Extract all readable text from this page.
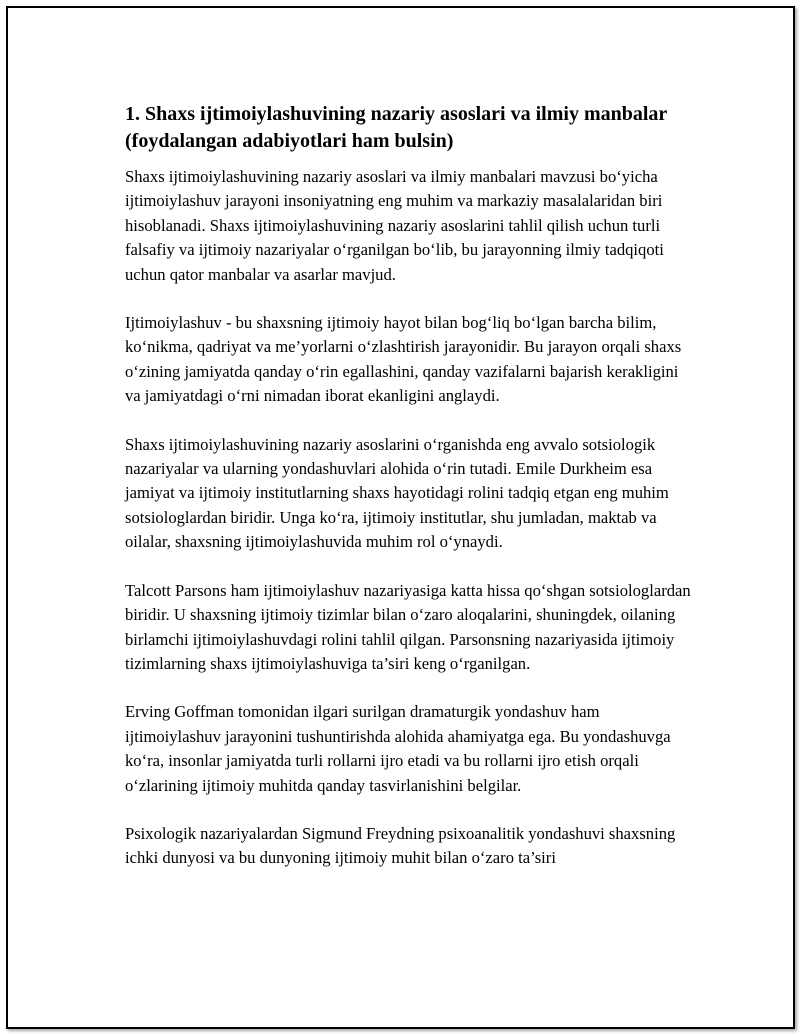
1. Shaxs ijtimoiylashuvining nazariy asoslari va ilmiy manbalar (foydalangan adabiyotlari ham bulsin)

Shaxs ijtimoiylashuvining nazariy asoslari va ilmiy manbalari mavzusi bo‘yicha ijtimoiylashuv jarayoni insoniyatning eng muhim va markaziy masalalaridan biri hisoblanadi. Shaxs ijtimoiylashuvining nazariy asoslarini tahlil qilish uchun turli falsafiy va ijtimoiy nazariyalar o‘rganilgan bo‘lib, bu jarayonning ilmiy tadqiqoti uchun qator manbalar va asarlar mavjud.

Ijtimoiylashuv - bu shaxsning ijtimoiy hayot bilan bog‘liq bo‘lgan barcha bilim, ko‘nikma, qadriyat va me’yorlarni o‘zlashtirish jarayonidir. Bu jarayon orqali shaxs o‘zining jamiyatda qanday o‘rin egallashini, qanday vazifalarni bajarish kerakligini va jamiyatdagi o‘rni nimadan iborat ekanligini anglaydi.

Shaxs ijtimoiylashuvining nazariy asoslarini o‘rganishda eng avvalo sotsiologik nazariyalar va ularning yondashuvlari alohida o‘rin tutadi. Emile Durkheim esa jamiyat va ijtimoiy institutlarning shaxs hayotidagi rolini tadqiq etgan eng muhim sotsiologlardan biridir. Unga ko‘ra, ijtimoiy institutlar, shu jumladan, maktab va oilalar, shaxsning ijtimoiylashuvida muhim rol o‘ynaydi.

Talcott Parsons ham ijtimoiylashuv nazariyasiga katta hissa qo‘shgan sotsiologlardan biridir. U shaxsning ijtimoiy tizimlar bilan o‘zaro aloqalarini, shuningdek, oilaning birlamchi ijtimoiylashuvdagi rolini tahlil qilgan. Parsonsning nazariyasida ijtimoiy tizimlarning shaxs ijtimoiylashuviga ta’siri keng o‘rganilgan.

Erving Goffman tomonidan ilgari surilgan dramaturgik yondashuv ham ijtimoiylashuv jarayonini tushuntirishda alohida ahamiyatga ega. Bu yondashuvga ko‘ra, insonlar jamiyatda turli rollarni ijro etadi va bu rollarni ijro etish orqali o‘zlarining ijtimoiy muhitda qanday tasvirlanishini belgilar.

Psixologik nazariyalardan Sigmund Freydning psixoanalitik yondashuvi shaxsning ichki dunyosi va bu dunyoning ijtimoiy muhit bilan o‘zaro ta’siri
